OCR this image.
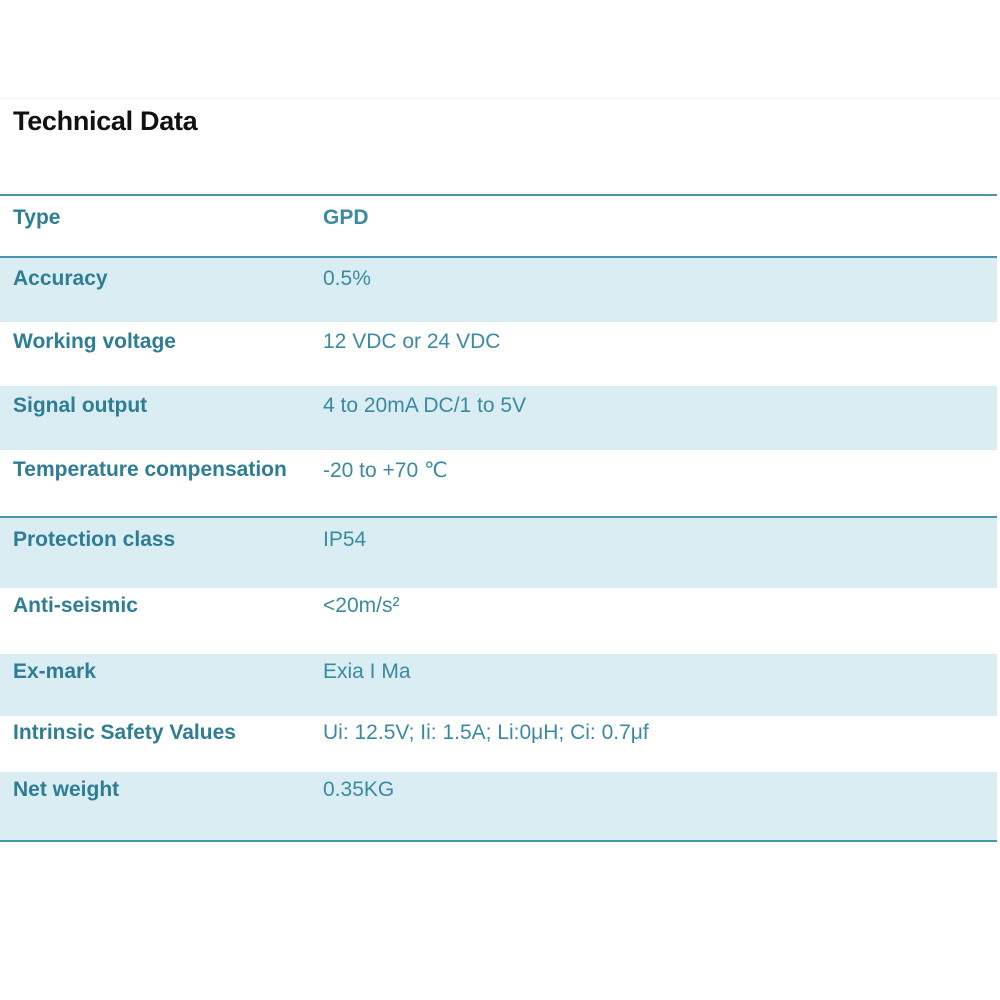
Technical Data
Type	GPD
Accuracy	0.5%
Working voltage	12 VDC or 24 VDC
Signal output	4 to 20mA DC/1 to 5V
Temperature compensation -20 to +70 ℃
Protection class	IP54
Anti-seismic	<20m/s²
Ex-mark	Exia I Ma
Intrinsic Safety Values	Ui: 12.5V; Ii: 1.5A; Li:0μH; Ci: 0.7μf
Net weight	0.35KG
